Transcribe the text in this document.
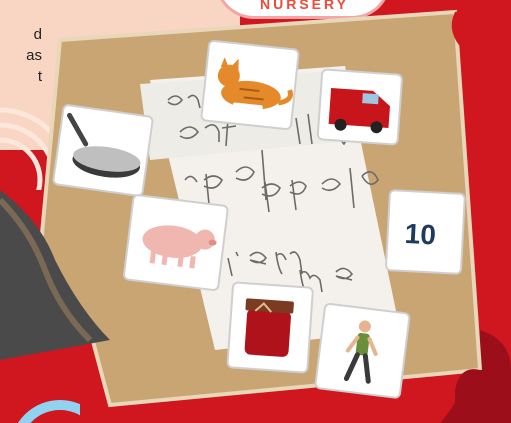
d
as
t
NURSERY
10
